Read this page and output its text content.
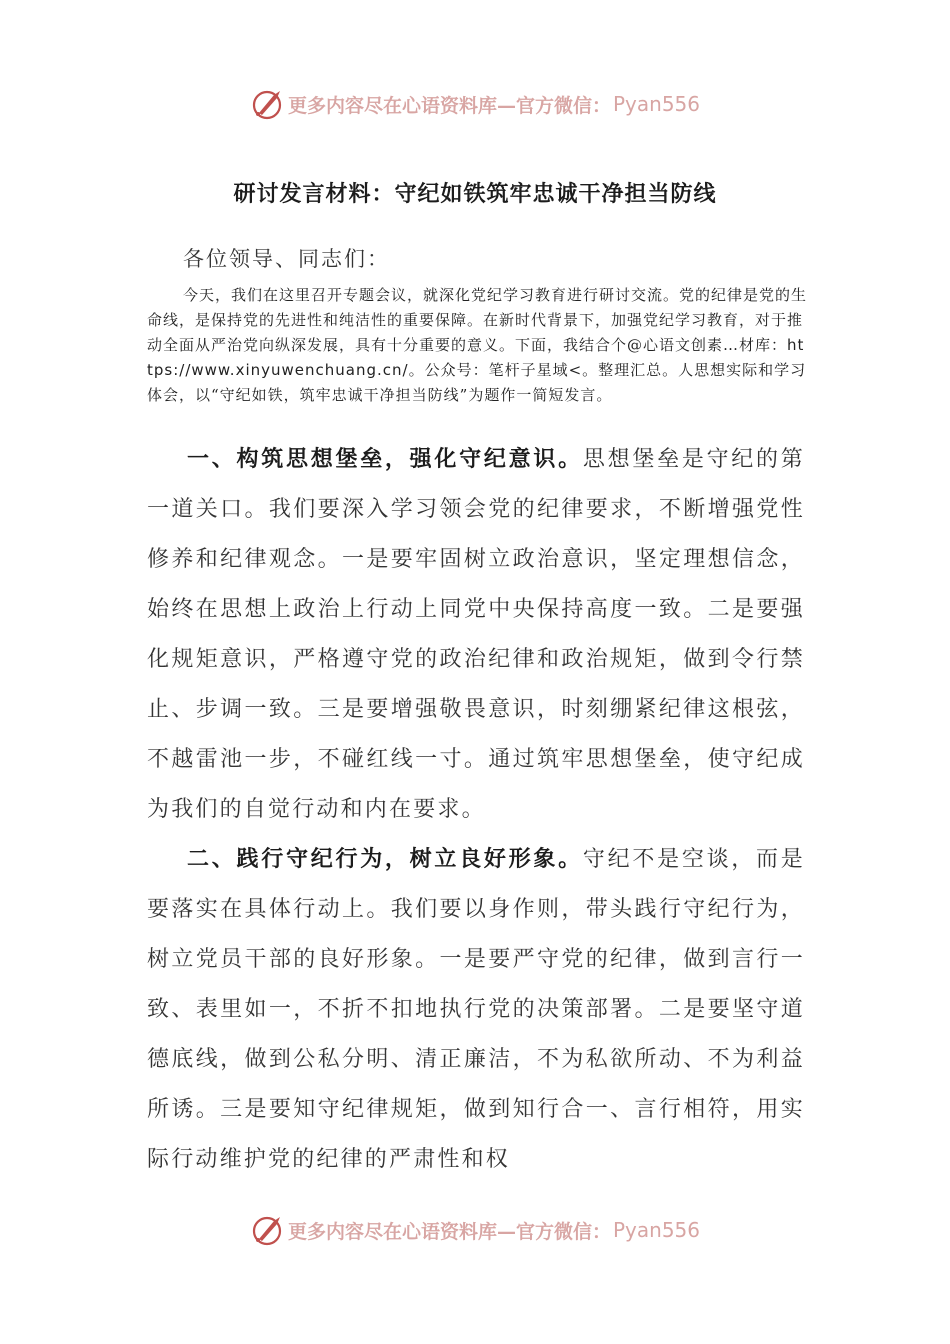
更多内容尽在心语资料库—官方微信： Pyan556
研讨发言材料：守纪如铁筑牢忠诚干净担当防线
各位领导、同志们：

今天，我们在这里召开专题会议，就深化党纪学习教育进行研讨交流。党的纪律是党的生命线，是保持党的先进性和纯洁性的重要保障。在新时代背景下，加强党纪学习教育，对于推动全面从严治党向纵深发展，具有十分重要的意义。下面，我结合个@心语文创素…材库：https://www.xinyuwenchuang.cn/。公众号：笔杆子星域<。整理汇总。人思想实际和学习体会，以“守纪如铁，筑牢忠诚干净担当防线”为题作一简短发言。

一、构筑思想堡垒，强化守纪意识。思想堡垒是守纪的第一道关口。我们要深入学习领会党的纪律要求，不断增强党性修养和纪律观念。一是要牢固树立政治意识，坚定理想信念，始终在思想上政治上行动上同党中央保持高度一致。二是要强化规矩意识，严格遵守党的政治纪律和政治规矩，做到令行禁止、步调一致。三是要增强敬畏意识，时刻绷紧纪律这根弦，不越雷池一步，不碰红线一寸。通过筑牢思想堡垒，使守纪成为我们的自觉行动和内在要求。

二、践行守纪行为，树立良好形象。守纪不是空谈，而是要落实在具体行动上。我们要以身作则，带头践行守纪行为，树立党员干部的良好形象。一是要严守党的纪律，做到言行一致、表里如一，不折不扣地执行党的决策部署。二是要坚守道德底线，做到公私分明、清正廉洁，不为私欲所动、不为利益所诱。三是要知守纪律规矩，做到知行合一、言行相符，用实际行动维护党的纪律的严肃性和权

更多内容尽在心语资料库—官方微信： Pyan556
